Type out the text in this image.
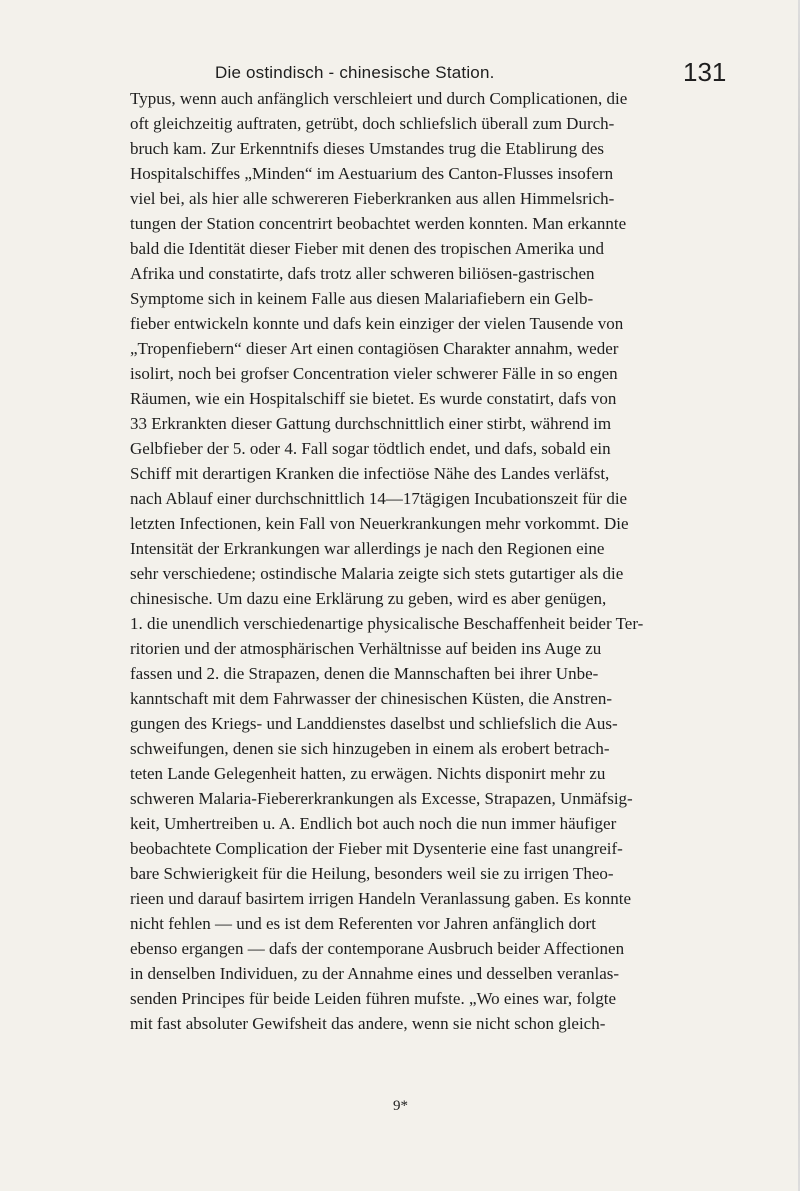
Die ostindisch - chinesische Station.	131
Typus, wenn auch anfänglich verschleiert und durch Complicationen, die
oft gleichzeitig auftraten, getrübt, doch schliefslich überall zum Durch-
bruch kam. Zur Erkenntnifs dieses Umstandes trug die Etablirung des
Hospitalschiffes „Minden“ im Aestuarium des Canton-Flusses insofern
viel bei, als hier alle schwereren Fieberkranken aus allen Himmelsrich-
tungen der Station concentrirt beobachtet werden konnten. Man erkannte
bald die Identität dieser Fieber mit denen des tropischen Amerika und
Afrika und constatirte, dafs trotz aller schweren biliösen-gastrischen
Symptome sich in keinem Falle aus diesen Malariafiebern ein Gelb-
fieber entwickeln konnte und dafs kein einziger der vielen Tausende von
„Tropenfiebern“ dieser Art einen contagiösen Charakter annahm, weder
isolirt, noch bei grofser Concentration vieler schwerer Fälle in so engen
Räumen, wie ein Hospitalschiff sie bietet. Es wurde constatirt, dafs von
33 Erkrankten dieser Gattung durchschnittlich einer stirbt, während im
Gelbfieber der 5. oder 4. Fall sogar tödtlich endet, und dafs, sobald ein
Schiff mit derartigen Kranken die infectiöse Nähe des Landes verläfst,
nach Ablauf einer durchschnittlich 14—17tägigen Incubationszeit für die
letzten Infectionen, kein Fall von Neuerkrankungen mehr vorkommt. Die
Intensität der Erkrankungen war allerdings je nach den Regionen eine
sehr verschiedene; ostindische Malaria zeigte sich stets gutartiger als die
chinesische. Um dazu eine Erklärung zu geben, wird es aber genügen,
1. die unendlich verschiedenartige physicalische Beschaffenheit beider Ter-
ritorien und der atmosphärischen Verhältnisse auf beiden ins Auge zu
fassen und 2. die Strapazen, denen die Mannschaften bei ihrer Unbe-
kanntschaft mit dem Fahrwasser der chinesischen Küsten, die Anstren-
gungen des Kriegs- und Landdienstes daselbst und schliefslich die Aus-
schweifungen, denen sie sich hinzugeben in einem als erobert betrach-
teten Lande Gelegenheit hatten, zu erwägen. Nichts disponirt mehr zu
schweren Malaria-Fiebererkrankungen als Excesse, Strapazen, Unmäfsig-
keit, Umhertreiben u. A. Endlich bot auch noch die nun immer häufiger
beobachtete Complication der Fieber mit Dysenterie eine fast unangreif-
bare Schwierigkeit für die Heilung, besonders weil sie zu irrigen Theo-
rieen und darauf basirtem irrigen Handeln Veranlassung gaben. Es konnte
nicht fehlen — und es ist dem Referenten vor Jahren anfänglich dort
ebenso ergangen — dafs der contemporane Ausbruch beider Affectionen
in denselben Individuen, zu der Annahme eines und desselben veranlas-
senden Principes für beide Leiden führen mufste. „Wo eines war, folgte
mit fast absoluter Gewifsheit das andere, wenn sie nicht schon gleich-
9*
